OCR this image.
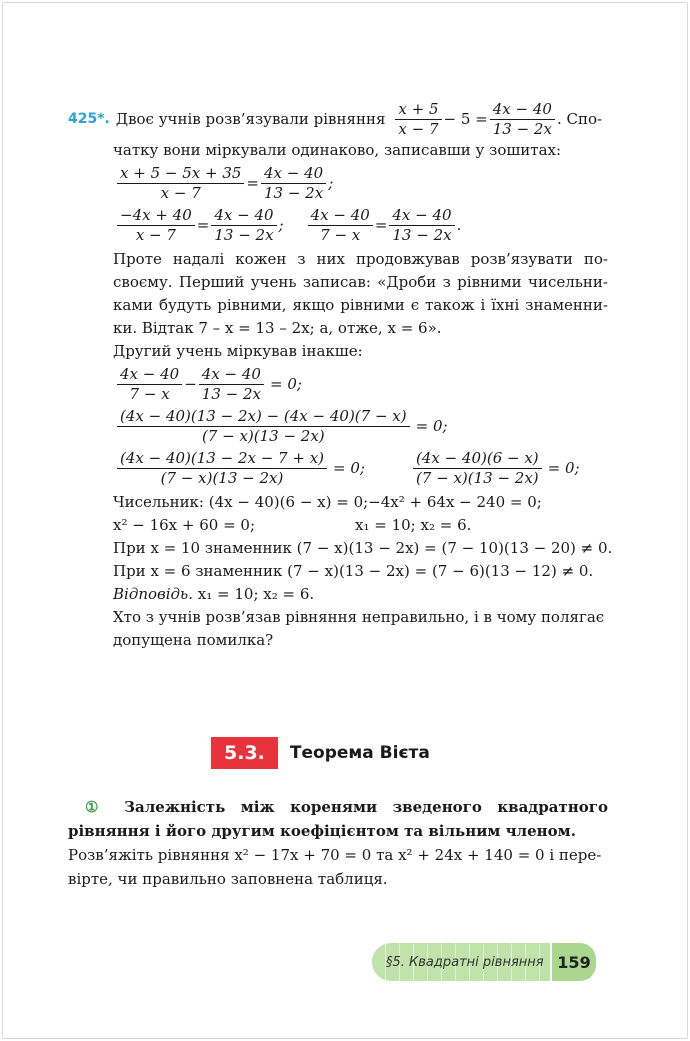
425*. Двоє учнів розв’язували рівняння $\frac{x + 5}{x - 7} - 5 = \frac{4x - 40}{13 - 2x}$ . Спо-
чатку вони міркували одинаково, записавши у зошитах:
$\frac{x + 5 - 5x + 35}{x - 7} = \frac{4x - 40}{13 - 2x}$ ;
$\frac{-4x + 40}{x - 7} = \frac{4x - 40}{13 - 2x}$ ; $\frac{4x - 40}{7 - x} = \frac{4x - 40}{13 - 2x}$ .
Проте надалі кожен з них продовжував розв’язувати по-
своєму. Перший учень записав: «Дроби з рівними чисельни-
ками будуть рівними, якщо рівними є також і їхні знаменни-
ки. Відтак 7 – x = 13 – 2x; а, отже, x = 6».
Другий учень міркував інакше:
$\frac{4x - 40}{7 - x} - \frac{4x - 40}{13 - 2x} = 0$;
$\frac{(4x - 40)(13 - 2x) - (4x - 40)(7 - x)}{(7 - x)(13 - 2x)} = 0$;
$\frac{(4x - 40)(13 - 2x - 7 + x)}{(7 - x)(13 - 2x)} = 0$;	$\frac{(4x - 40)(6 - x)}{(7 - x)(13 - 2x)} = 0$;
Чисельник: (4x − 40)(6 − x) = 0;−4x² + 64x − 240 = 0;
x² − 16x + 60 = 0;	x₁ = 10; x₂ = 6.
При x = 10 знаменник (7 − x)(13 − 2x) = (7 − 10)(13 − 20) ≠ 0.
При x = 6 знаменник (7 − x)(13 − 2x) = (7 − 6)(13 − 12) ≠ 0.
Відповідь. x₁ = 10; x₂ = 6.
Хто з учнів розв’язав рівняння неправильно, і в чому полягає
допущена помилка?
5.3.	Теорема Вієта
① Залежність між коренями зведеного квадратного
рівняння і його другим коефіцієнтом та вільним членом.
Розв’яжіть рівняння x² − 17x + 70 = 0 та x² + 24x + 140 = 0 і пере-
вірте, чи правильно заповнена таблиця.
§5. Квадратні рівняння 159
